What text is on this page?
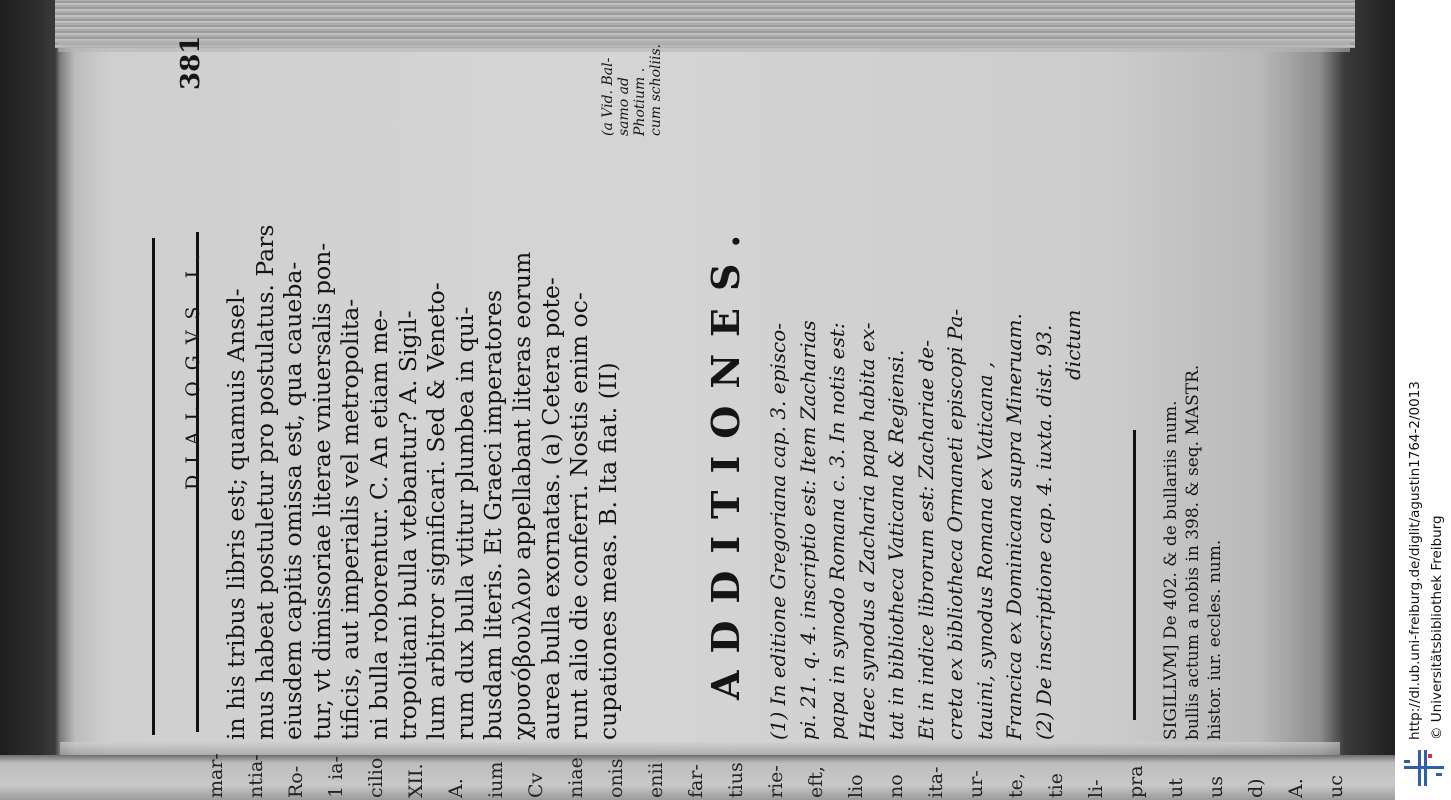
DIALOGVS I.
381

in his tribus libris est; quamuis Ansel- mus habeat postuletur pro postulatus. Pars eiusdem capitis omissa est, qua caueba- tur, vt dimissoriae literae vniuersalis pon- tificis, aut imperialis vel metropolita- ni bulla roborentur. C. An etiam me- tropolitani bulla vtebantur? A. Sigil- lum arbitror significari. Sed & Veneto- rum dux bulla vtitur plumbea in qui- busdam literis. Et Graeci imperatores χρυσόβουλλον appellabant literas eorum aurea bulla exornatas. (a) Cetera pote- runt alio die conferri. Nostis enim oc- cupationes meas. B. Ita fiat. (II)

(a Vid. Bal- samo ad Photium . cum scholiis.

ADDITIONES. (1) In editione Gregoriana cap. 3. episco- pi. 21. q. 4. inscriptio est: Item Zacharias papa in synodo Romana c. 3. In notis est: Haec synodus a Zacharia papa habita ex- tat in bibliotheca Vaticana & Regiensi. Et in indice librorum est: Zachariae de- creta ex bibliotheca Ormaneti episcopi Pa- tauini, synodus Romana ex Vaticana , Francica ex Dominicana supra Mineruam. (2) De inscriptione cap. 4. iuxta. dist. 93. dictum

SIGILLVM] De 402. & de bullariis num. bullis actum a nobis in 398. & seq. MASTR. histor. iur. eccles. num.

mar- ntia- Ro- 1 ia- cilio XII. A. ium Cv niae onis enii far- tius rie- eft, lio no ita- ur- te, tie li- pra ut us d) A. uc
http://dl.ub.uni-freiburg.de/diglit/agustin1764-2/0013 © Universitätsbibliothek Freiburg
